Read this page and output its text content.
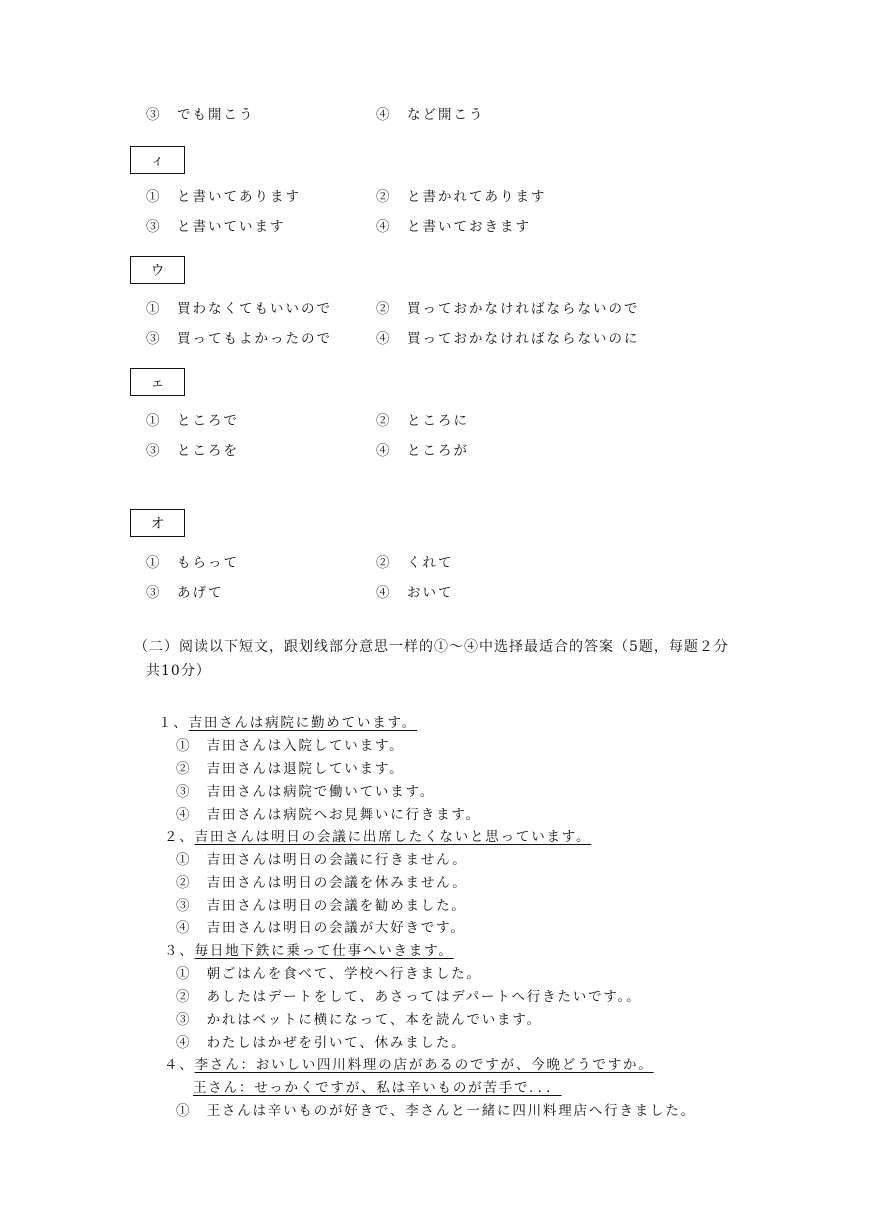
③　でも開こう	④　など開こう
ィ
①　と書いてあります	②　と書かれてあります
③　と書いています	④　と書いておきます
ウ
①　買わなくてもいいので	②　買っておかなければならないので
③　買ってもよかったので	④　買っておかなければならないのに
ェ
①　ところで	②　ところに
③　ところを	④　ところが
オ
①　もらって	②　くれて
③　あげて	④　おいて
（二）阅读以下短文，跟划线部分意思一样的①～④中选择最适合的答案（5题，每题２分
共10分）
１、吉田さんは病院に勤めています。
①　吉田さんは入院しています。
②　吉田さんは退院しています。
③　吉田さんは病院で働いています。
④　吉田さんは病院へお見舞いに行きます。
２、吉田さんは明日の会議に出席したくないと思っています。
①　吉田さんは明日の会議に行きません。
②　吉田さんは明日の会議を休みません。
③　吉田さんは明日の会議を勧めました。
④　吉田さんは明日の会議が大好きです。
３、毎日地下鉄に乗って仕事へいきます。
①　朝ごはんを食べて、学校へ行きました。
②　あしたはデートをして、あさってはデパートへ行きたいです。。
③　かれはベットに横になって、本を読んでいます。
④　わたしはかぜを引いて、休みました。
４、李さん：おいしい四川料理の店があるのですが、今晩どうですか。
王さん：せっかくですが、私は辛いものが苦手で．．．
①　王さんは辛いものが好きで、李さんと一緒に四川料理店へ行きました。
